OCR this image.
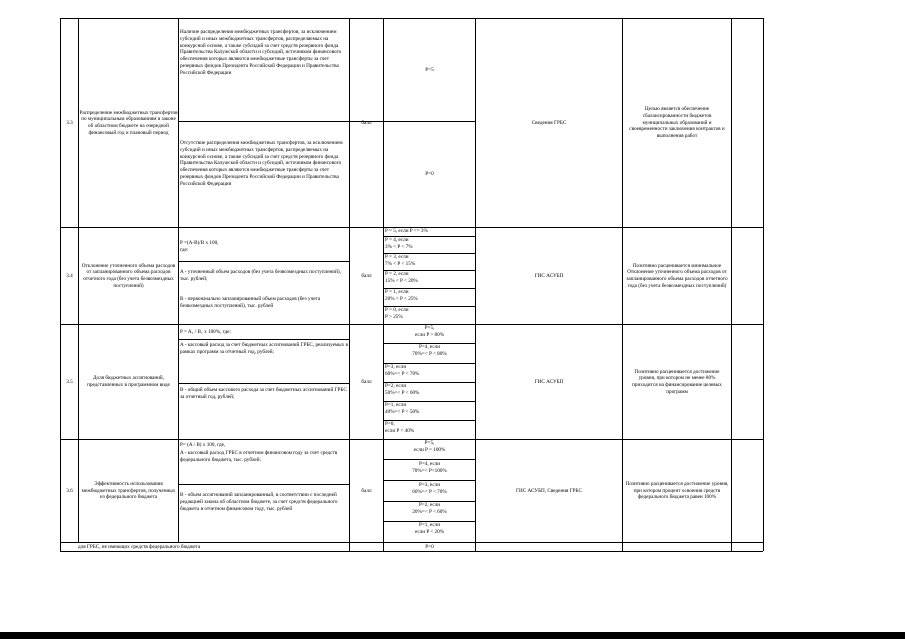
3.3
Распределение межбюджетных трансфертов по муниципальным образованиям в законе об областном бюджете на очередной финансовый год и плановый период
Наличие распределения межбюджетных трансфертов, за исключением субсидий и иных межбюджетных трансфертов, распределяемых на конкурсной основе, а также субсидий за счет средств резервного фонда Правительства Калужской области и субсидий, источником финансового обеспечения которых являются межбюджетные трансферты за счет резервных фондов Президента Российской Федерации и Правительства Российской Федерации
Отсутствие распределения межбюджетных трансфертов, за исключением субсидий и иных межбюджетных трансфертов, распределяемых на конкурсной основе, а также субсидий за счет средств резервного фонда Правительства Калужской области и субсидий, источником финансового обеспечения которых являются межбюджетные трансферты за счет резервных фондов Президента Российской Федерации и Правительства Российской Федерации
балл
P=5
P=0
Сведения ГРБС
Целью является обеспечение сбалансированности бюджетов муниципальных образований и своевременности заключения контрактов и выполнения работ
3.4
Отклонение уточненного объема расходов от запланированного объема расходов отчетного года (без учета безвозмездных поступлений)
P =(A-B)/B x 100,
где:
A - уточненный объем расходов (без учета безвозмездных поступлений), тыс. рублей;
B - первоначально запланированный объем расходов (без учета безвозмездных поступлений), тыс. рублей
балл
P = 5, если P <= 3%
P = 4, если
3% < P < 7%
P = 3, если
7% < P < 15%
P = 2, если
15% < P < 20%
P = 1, если
20% < P < 25%
P = 0, если
P > 25%
ГИС АСУБП
Позитивно расценивается минимальное Отклонение уточненного объема расходов от запланированного объема расходов отчетного года (без учета безвозмездных поступлений)
3.5
Доля бюджетных ассигнований, представленных в программном виде
P = A₁ / B₁ x 100%, где:
A - кассовый расход за счет бюджетных ассигнований ГРБС, реализуемых в рамках программ за отчетный год, рублей;
B - общий объем кассового расхода за счет бюджетных ассигнований ГРБС за отчетный год, рублей;
балл
P=5,
если P > 80%
P=4, если
70%=< P < 80%
P=3, если
60%=< P < 70%
P=2, если
50%=< P < 60%
P=1, если
40%=< P < 50%
P=0,
если P < 40%
ГИС АСУБП
Позитивно расценивается достижение уровня, при котором не менее 80% приходится на финансирование целевых программ
3.6
Эффективность использования межбюджетных трансфертов, полученных из федерального бюджета
P= (A / B) x 100, где,
A - кассовый расход ГРБС в отчетном финансовом году за счет средств федерального бюджета, тыс. рублей;
B - объем ассигнований запланированный, в соответствии с последней редакцией закона об областном бюджете, за счет средств федерального бюджета в отчетном финансовом году, тыс. рублей
балл
P=5,
если P = 100%
P=4, если
70%=< P<100%
P=3, если
60%=< P < 70%
P=2, если
20%=< P < 60%
P=1, если
если P < 20%
ГИС АСУБП, Сведения ГРБС
Позитивно расценивается достижение уровня, при котором процент освоения средств федерального бюджета равен 100%
для ГРБС, не имеющих средств федерального бюджета	P=0
